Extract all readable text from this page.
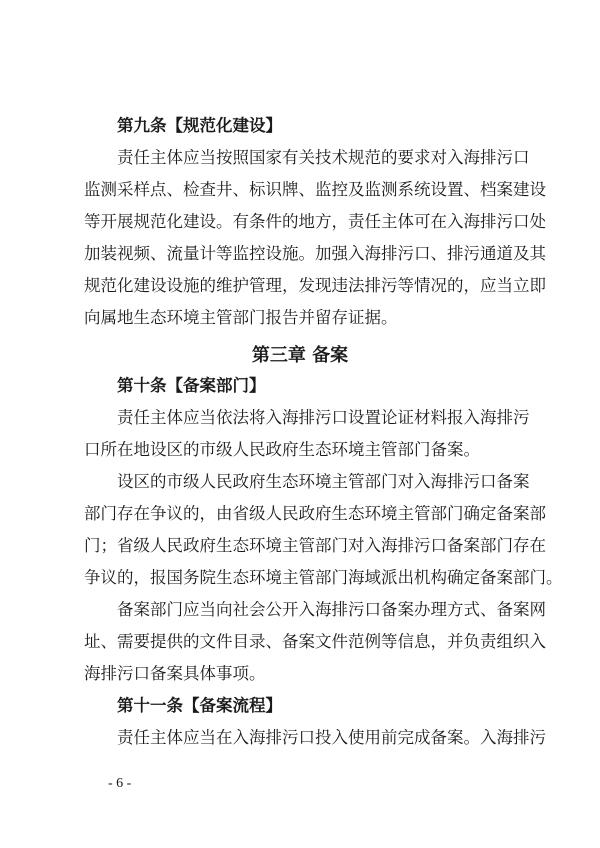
第九条【规范化建设】
责任主体应当按照国家有关技术规范的要求对入海排污口
监测采样点、检查井、标识牌、监控及监测系统设置、档案建设
等开展规范化建设。有条件的地方，责任主体可在入海排污口处
加装视频、流量计等监控设施。加强入海排污口、排污通道及其
规范化建设设施的维护管理，发现违法排污等情况的，应当立即
向属地生态环境主管部门报告并留存证据。
第三章 备案
第十条【备案部门】
责任主体应当依法将入海排污口设置论证材料报入海排污
口所在地设区的市级人民政府生态环境主管部门备案。
设区的市级人民政府生态环境主管部门对入海排污口备案
部门存在争议的，由省级人民政府生态环境主管部门确定备案部
门；省级人民政府生态环境主管部门对入海排污口备案部门存在
争议的，报国务院生态环境主管部门海域派出机构确定备案部门。
备案部门应当向社会公开入海排污口备案办理方式、备案网
址、需要提供的文件目录、备案文件范例等信息，并负责组织入
海排污口备案具体事项。
第十一条【备案流程】
责任主体应当在入海排污口投入使用前完成备案。入海排污
- 6 -
